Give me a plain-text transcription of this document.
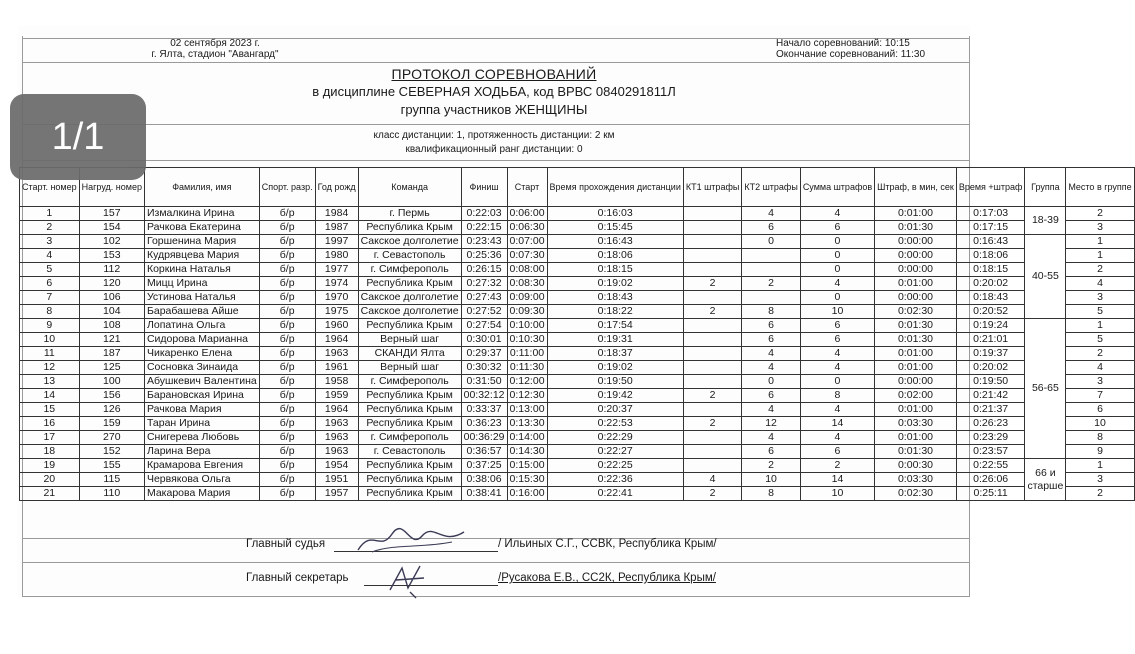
02 сентября 2023 г.
г. Ялта, стадион "Авангард"
Начало соревнований: 10:15
Окончание соревнований: 11:30
ПРОТОКОЛ СОРЕВНОВАНИЙ
в дисциплине СЕВЕРНАЯ ХОДЬБА, код ВРВС 0840291811Л
группа участников ЖЕНЩИНЫ
класс дистанции: 1, протяженность дистанции: 2 км
квалификационный ранг дистанции: 0
Старт. номер	Нагруд. номер	Фамилия, имя	Спорт. разр.	Год рожд	Команда	Финиш	Старт	Время прохождения дистанции	КТ1 штрафы	КТ2 штрафы	Сумма штрафов	Штраф, в мин, сек	Время +штраф	Группа	Место в группе
1	157	Измалкина Ирина	б/р	1984	г. Пермь	0:22:03	0:06:00	0:16:03		4	4	0:01:00	0:17:03	18-39	2
2	154	Рачкова Екатерина	б/р	1987	Республика Крым	0:22:15	0:06:30	0:15:45		6	6	0:01:30	0:17:15		3
3	102	Горшенина Мария	б/р	1997	Сакское долголетие	0:23:43	0:07:00	0:16:43		0	0	0:00:00	0:16:43	40-55	1
4	153	Кудрявцева Мария	б/р	1980	г. Севастополь	0:25:36	0:07:30	0:18:06			0	0:00:00	0:18:06		1
5	112	Коркина Наталья	б/р	1977	г. Симферополь	0:26:15	0:08:00	0:18:15			0	0:00:00	0:18:15		2
6	120	Мицц Ирина	б/р	1974	Республика Крым	0:27:32	0:08:30	0:19:02	2	2	4	0:01:00	0:20:02		4
7	106	Устинова Наталья	б/р	1970	Сакское долголетие	0:27:43	0:09:00	0:18:43			0	0:00:00	0:18:43		3
8	104	Барабашева Айше	б/р	1975	Сакское долголетие	0:27:52	0:09:30	0:18:22	2	8	10	0:02:30	0:20:52		5
9	108	Лопатина Ольга	б/р	1960	Республика Крым	0:27:54	0:10:00	0:17:54		6	6	0:01:30	0:19:24	56-65	1
10	121	Сидорова Марианна	б/р	1964	Верный шаг	0:30:01	0:10:30	0:19:31		6	6	0:01:30	0:21:01		5
11	187	Чикаренко Елена	б/р	1963	СКАНДИ Ялта	0:29:37	0:11:00	0:18:37		4	4	0:01:00	0:19:37		2
12	125	Сосновка Зинаида	б/р	1961	Верный шаг	0:30:32	0:11:30	0:19:02		4	4	0:01:00	0:20:02		4
13	100	Абушкевич Валентина	б/р	1958	г. Симферополь	0:31:50	0:12:00	0:19:50		0	0	0:00:00	0:19:50		3
14	156	Барановская Ирина	б/р	1959	Республика Крым	00:32:12	0:12:30	0:19:42	2	6	8	0:02:00	0:21:42		7
15	126	Рачкова Мария	б/р	1964	Республика Крым	0:33:37	0:13:00	0:20:37		4	4	0:01:00	0:21:37		6
16	159	Таран Ирина	б/р	1963	Республика Крым	0:36:23	0:13:30	0:22:53	2	12	14	0:03:30	0:26:23		10
17	270	Снигерева Любовь	б/р	1963	г. Симферополь	00:36:29	0:14:00	0:22:29		4	4	0:01:00	0:23:29		8
18	152	Ларина Вера	б/р	1963	г. Севастополь	0:36:57	0:14:30	0:22:27		6	6	0:01:30	0:23:57		9
19	155	Крамарова Евгения	б/р	1954	Республика Крым	0:37:25	0:15:00	0:22:25		2	2	0:00:30	0:22:55	66 и старше	1
20	115	Червякова Ольга	б/р	1951	Республика Крым	0:38:06	0:15:30	0:22:36	4	10	14	0:03:30	0:26:06		3
21	110	Макарова Мария	б/р	1957	Республика Крым	0:38:41	0:16:00	0:22:41	2	8	10	0:02:30	0:25:11		2
Главный судья	/ Ильиных С.Г., ССВК, Республика Крым/
Главный секретарь	/Русакова Е.В., СС2К, Республика Крым/
1/1
